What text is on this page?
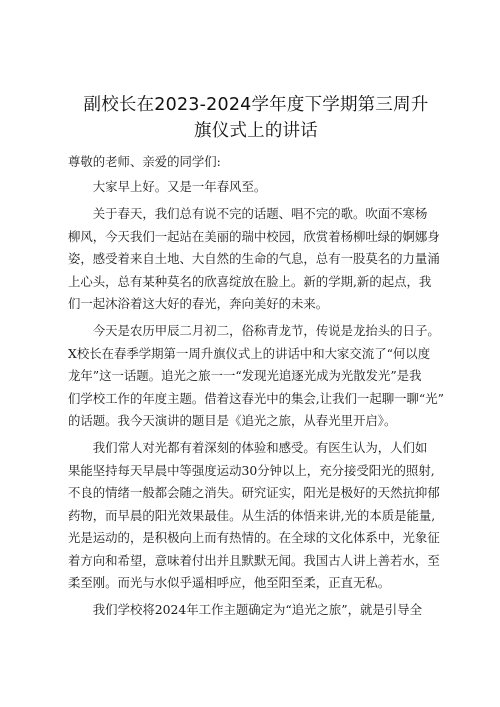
副校长在2023-2024学年度下学期第三周升
旗仪式上的讲话
尊敬的老师、亲爱的同学们:

大家早上好。又是一年春风至。

关于春天，我们总有说不完的话题、唱不完的歌。吹面不寒杨
柳风，今天我们一起站在美丽的瑞中校园，欣赏着杨柳吐绿的婀娜身
姿，感受着来自土地、大自然的生命的气息，总有一股莫名的力量涌
上心头，总有某种莫名的欣喜绽放在脸上。新的学期,新的起点，我
们一起沐浴着这大好的春光，奔向美好的未来。

今天是农历甲辰二月初二，俗称青龙节，传说是龙抬头的日子。
X校长在春季学期第一周升旗仪式上的讲话中和大家交流了“何以度
龙年”这一话题。追光之旅一一“发现光追逐光成为光散发光”是我
们学校工作的年度主题。借着这春光中的集会,让我们一起聊一聊“光”
的话题。我今天演讲的题目是《追光之旅，从春光里开启》。

我们常人对光都有着深刻的体验和感受。有医生认为，人们如
果能坚持每天早晨中等强度运动30分钟以上，充分接受阳光的照射,
不良的情绪一般都会随之消失。研究证实，阳光是极好的天然抗抑郁
药物，而早晨的阳光效果最佳。从生活的体悟来讲,光的本质是能量,
光是运动的，是积极向上而有热情的。在全球的文化体系中，光象征
着方向和希望，意味着付出并且默默无闻。我国古人讲上善若水，至
柔至刚。而光与水似乎遥相呼应，他至阳至柔，正直无私。

我们学校将2024年工作主题确定为“追光之旅”，就是引导全
